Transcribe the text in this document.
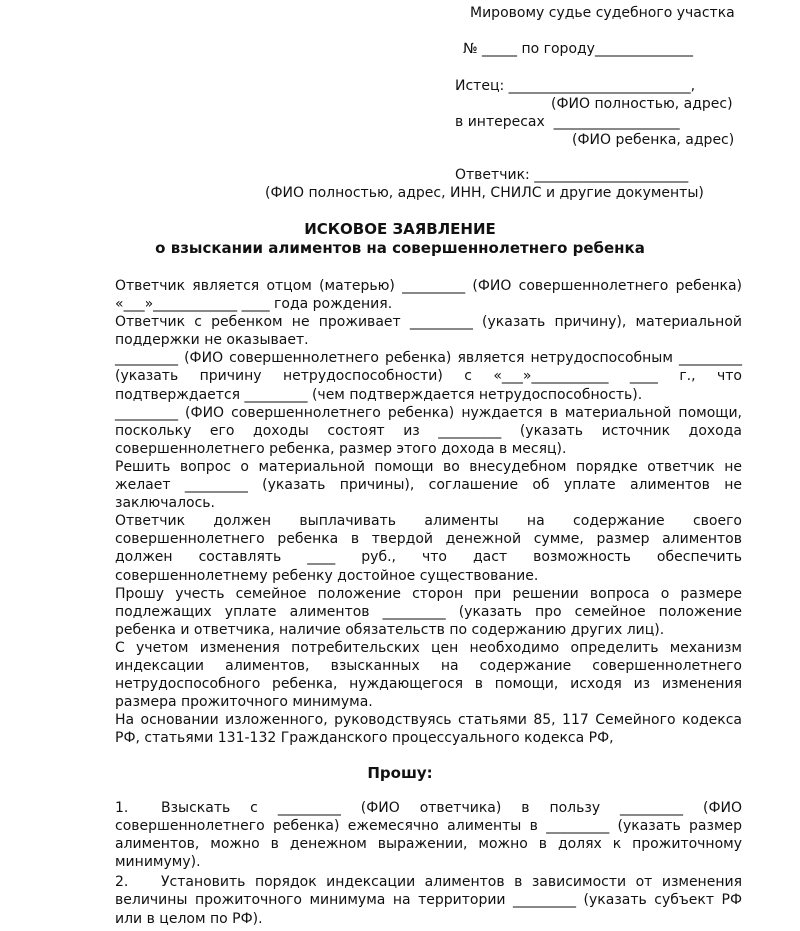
Мировому судье судебного участка
№ _____ по городу______________
Истец: __________________________,
(ФИО полностью, адрес)
в интересах  __________________
(ФИО ребенка, адрес)
Ответчик: ______________________
(ФИО полностью, адрес, ИНН, СНИЛС и другие документы)
ИСКОВОЕ ЗАЯВЛЕНИЕ
о взыскании алиментов на совершеннолетнего ребенка

Ответчик является отцом (матерью) _________ (ФИО совершеннолетнего ребенка) «___»____________ ____ года рождения.

Ответчик с ребенком не проживает _________ (указать причину), материальной поддержки не оказывает.

_________ (ФИО совершеннолетнего ребенка) является нетрудоспособным _________ (указать причину нетрудоспособности) с «___»___________ ____ г., что подтверждается _________ (чем подтверждается нетрудоспособность).

_________ (ФИО совершеннолетнего ребенка) нуждается в материальной помощи, поскольку его доходы состоят из _________ (указать источник дохода совершеннолетнего ребенка, размер этого дохода в месяц).

Решить вопрос о материальной помощи во внесудебном порядке ответчик не желает _________ (указать причины), соглашение об уплате алиментов не заключалось.

Ответчик должен выплачивать алименты на содержание своего совершеннолетнего ребенка в твердой денежной сумме, размер алиментов должен составлять ____ руб., что даст возможность обеспечить совершеннолетнему ребенку достойное существование.

Прошу учесть семейное положение сторон при решении вопроса о размере подлежащих уплате алиментов _________ (указать про семейное положение ребенка и ответчика, наличие обязательств по содержанию других лиц).

С учетом изменения потребительских цен необходимо определить механизм индексации алиментов, взысканных на содержание совершеннолетнего нетрудоспособного ребенка, нуждающегося в помощи, исходя из изменения размера прожиточного минимума.

На основании изложенного, руководствуясь статьями 85, 117 Семейного кодекса РФ, статьями 131-132 Гражданского процессуального кодекса РФ,

Прошу:
1.	Взыскать с _________ (ФИО ответчика) в пользу _________ (ФИО совершеннолетнего ребенка) ежемесячно алименты в _________ (указать размер алиментов, можно в денежном выражении, можно в долях к прожиточному минимуму).
2.	Установить порядок индексации алиментов в зависимости от изменения величины прожиточного минимума на территории _________ (указать субъект РФ или в целом по РФ).
